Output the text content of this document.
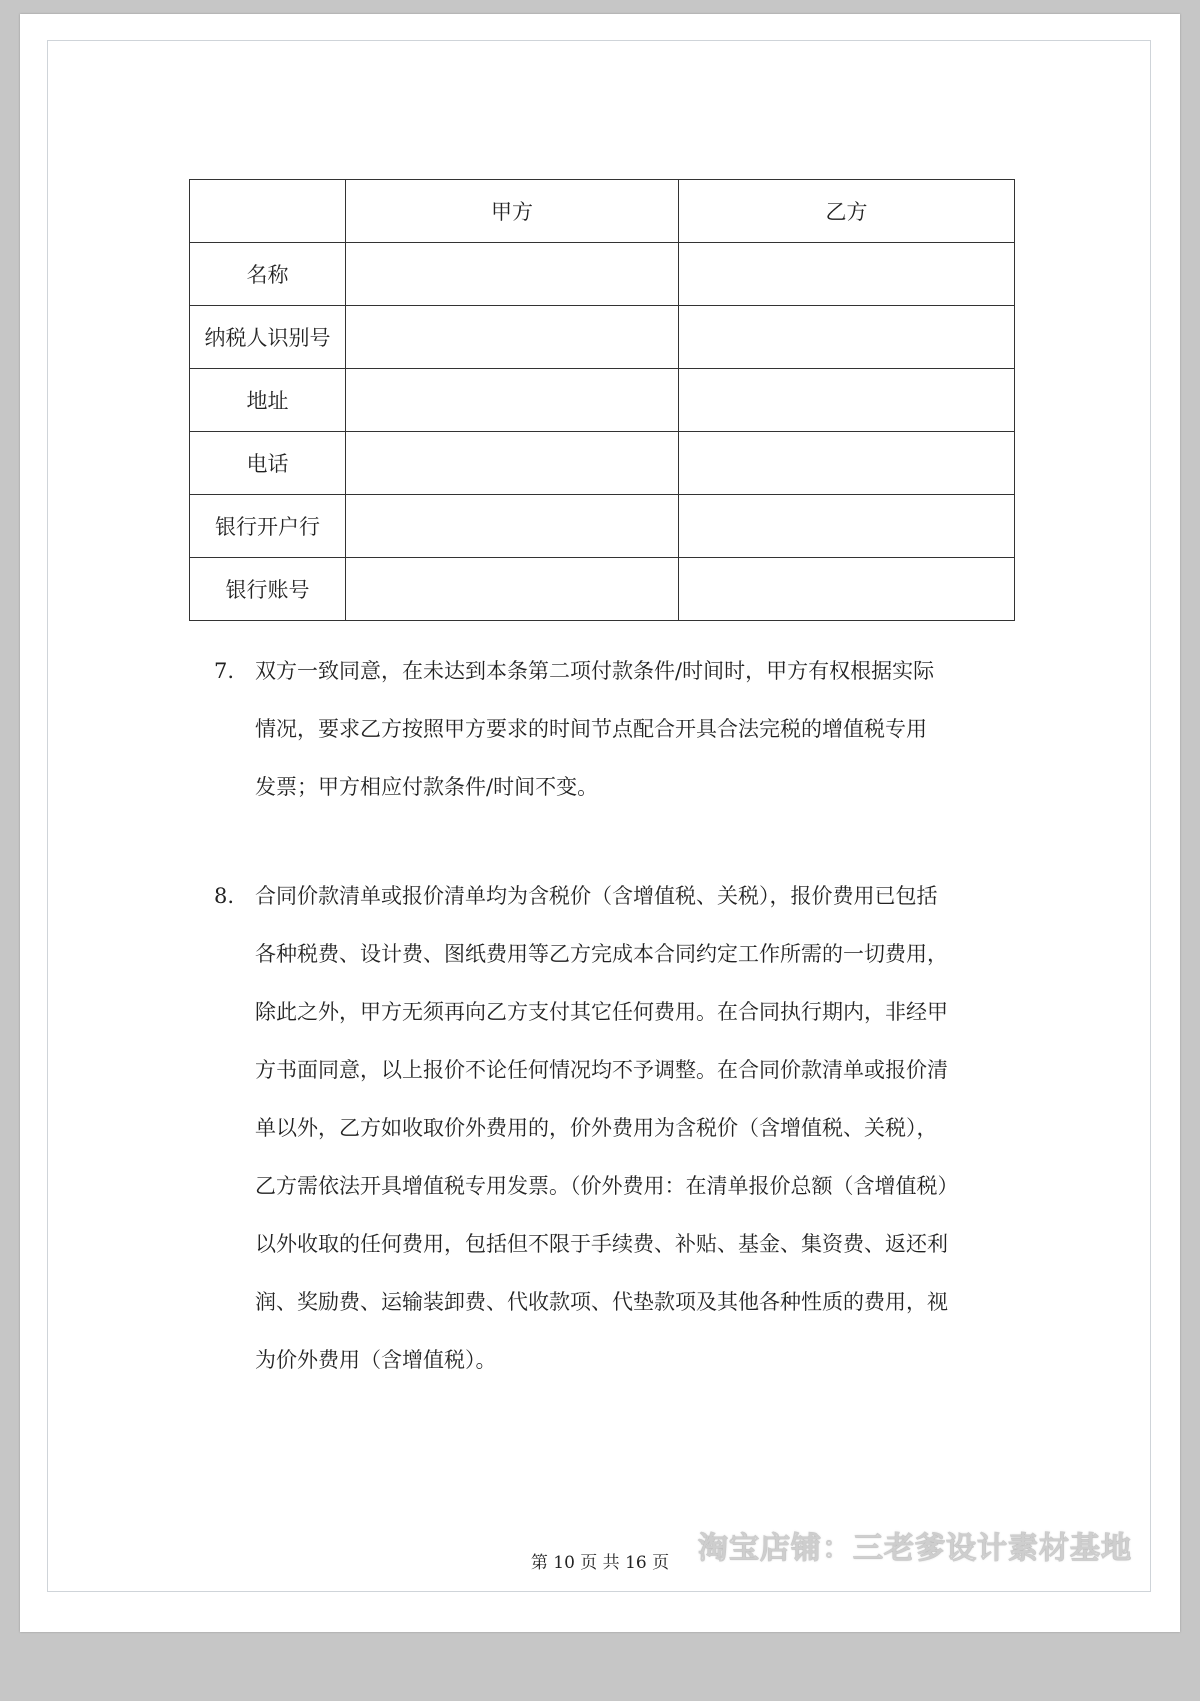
	甲方	乙方
名称		
纳税人识别号		
地址		
电话		
银行开户行		
银行账号		
7. 双方一致同意，在未达到本条第二项付款条件/时间时，甲方有权根据实际
情况，要求乙方按照甲方要求的时间节点配合开具合法完税的增值税专用
发票；甲方相应付款条件/时间不变。
8. 合同价款清单或报价清单均为含税价（含增值税、关税），报价费用已包括
各种税费、设计费、图纸费用等乙方完成本合同约定工作所需的一切费用，
除此之外，甲方无须再向乙方支付其它任何费用。在合同执行期内，非经甲
方书面同意，以上报价不论任何情况均不予调整。在合同价款清单或报价清
单以外，乙方如收取价外费用的，价外费用为含税价（含增值税、关税），
乙方需依法开具增值税专用发票。（价外费用：在清单报价总额（含增值税）
以外收取的任何费用，包括但不限于手续费、补贴、基金、集资费、返还利
润、奖励费、运输装卸费、代收款项、代垫款项及其他各种性质的费用，视
为价外费用（含增值税）。
第 10 页 共 16 页 淘宝店铺：三老爹设计素材基地
